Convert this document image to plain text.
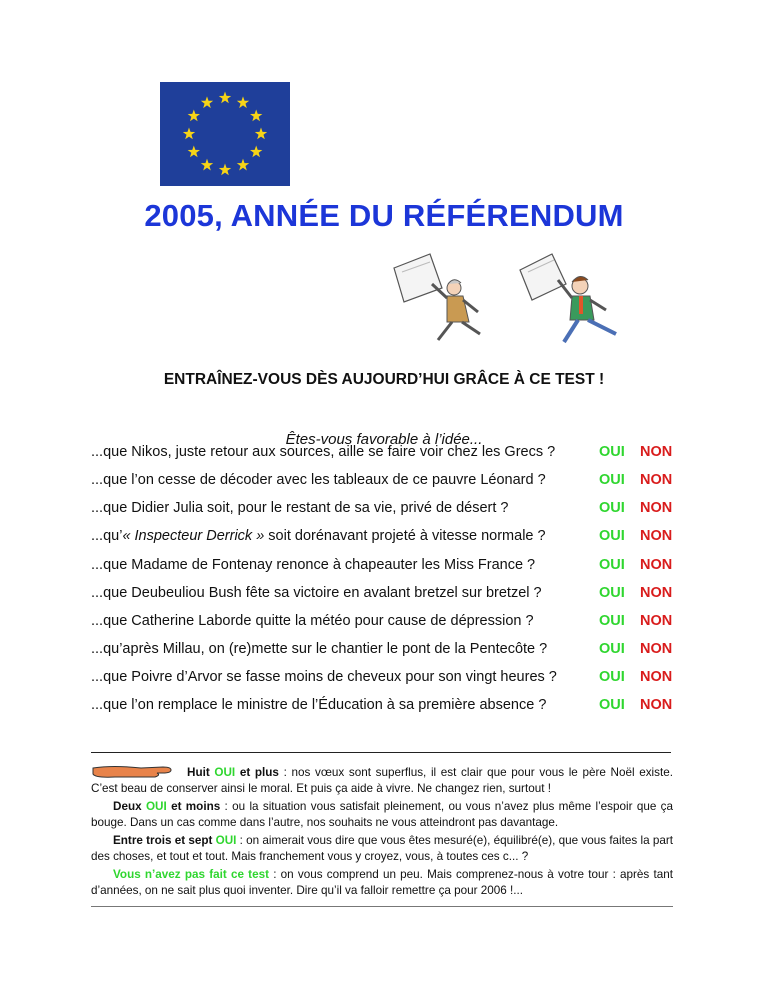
2005, ANNÉE DU RÉFÉRENDUM
ENTRAÎNEZ-VOUS DÈS AUJOURD’HUI GRÂCE À CE TEST !
Êtes-vous favorable à l’idée...
...que Nikos, juste retour aux sources, aille se faire voir chez les Grecs ?	OUI NON
...que l’on cesse de décoder avec les tableaux de ce pauvre Léonard ?	OUI NON
...que Didier Julia soit, pour le restant de sa vie, privé de désert ?	OUI NON
...qu’« Inspecteur Derrick » soit dorénavant projeté à vitesse normale ?	OUI NON
...que Madame de Fontenay renonce à chapeauter les Miss France ?	OUI NON
...que Deubeuliou Bush fête sa victoire en avalant bretzel sur bretzel ?	OUI NON
...que Catherine Laborde quitte la météo pour cause de dépression ?	OUI NON
...qu’après Millau, on (re)mette sur le chantier le pont de la Pentecôte ?	OUI NON
...que Poivre d’Arvor se fasse moins de cheveux pour son vingt heures ?	OUI NON
...que l’on remplace le ministre de l’Éducation à sa première absence ?	OUI NON

Huit OUI et plus : nos vœux sont superflus, il est clair que pour vous le père Noël existe. C’est beau de conserver ainsi le moral. Et puis ça aide à vivre. Ne changez rien, surtout !

Deux OUI et moins : ou la situation vous satisfait pleinement, ou vous n’avez plus même l’espoir que ça bouge. Dans un cas comme dans l’autre, nos souhaits ne vous atteindront pas davantage.

Entre trois et sept OUI : on aimerait vous dire que vous êtes mesuré(e), équilibré(e), que vous faites la part des choses, et tout et tout. Mais franchement vous y croyez, vous, à toutes ces c... ?

Vous n’avez pas fait ce test : on vous comprend un peu. Mais comprenez-nous à votre tour : après tant d’années, on ne sait plus quoi inventer. Dire qu’il va falloir remettre ça pour 2006 !...
